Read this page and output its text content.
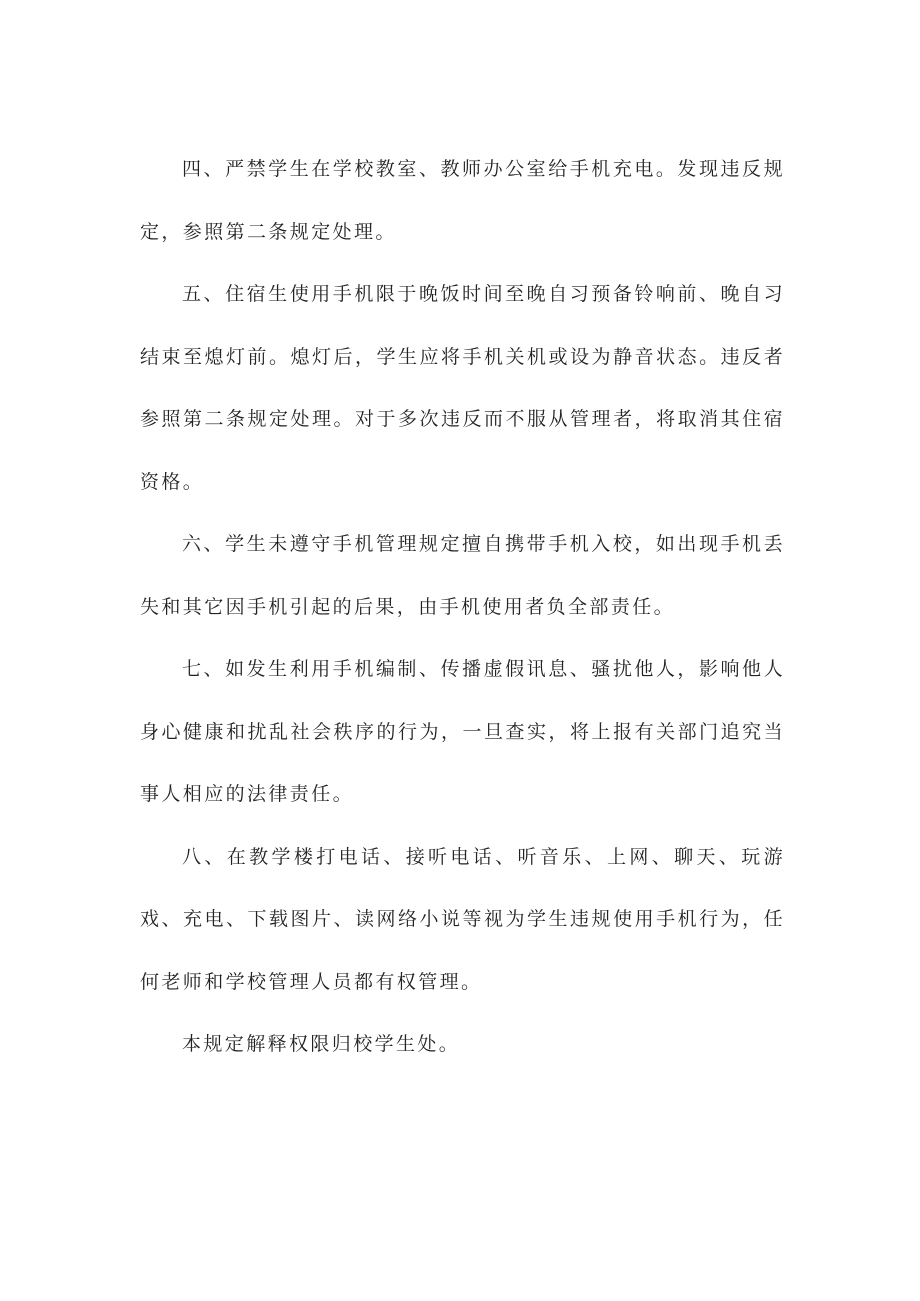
四、严禁学生在学校教室、教师办公室给手机充电。发现违反规定，参照第二条规定处理。

五、住宿生使用手机限于晚饭时间至晚自习预备铃响前、晚自习结束至熄灯前。熄灯后，学生应将手机关机或设为静音状态。违反者参照第二条规定处理。对于多次违反而不服从管理者，将取消其住宿资格。

六、学生未遵守手机管理规定擅自携带手机入校，如出现手机丢失和其它因手机引起的后果，由手机使用者负全部责任。

七、如发生利用手机编制、传播虚假讯息、骚扰他人，影响他人身心健康和扰乱社会秩序的行为，一旦查实，将上报有关部门追究当事人相应的法律责任。

八、在教学楼打电话、接听电话、听音乐、上网、聊天、玩游戏、充电、下载图片、读网络小说等视为学生违规使用手机行为，任何老师和学校管理人员都有权管理。

本规定解释权限归校学生处。
